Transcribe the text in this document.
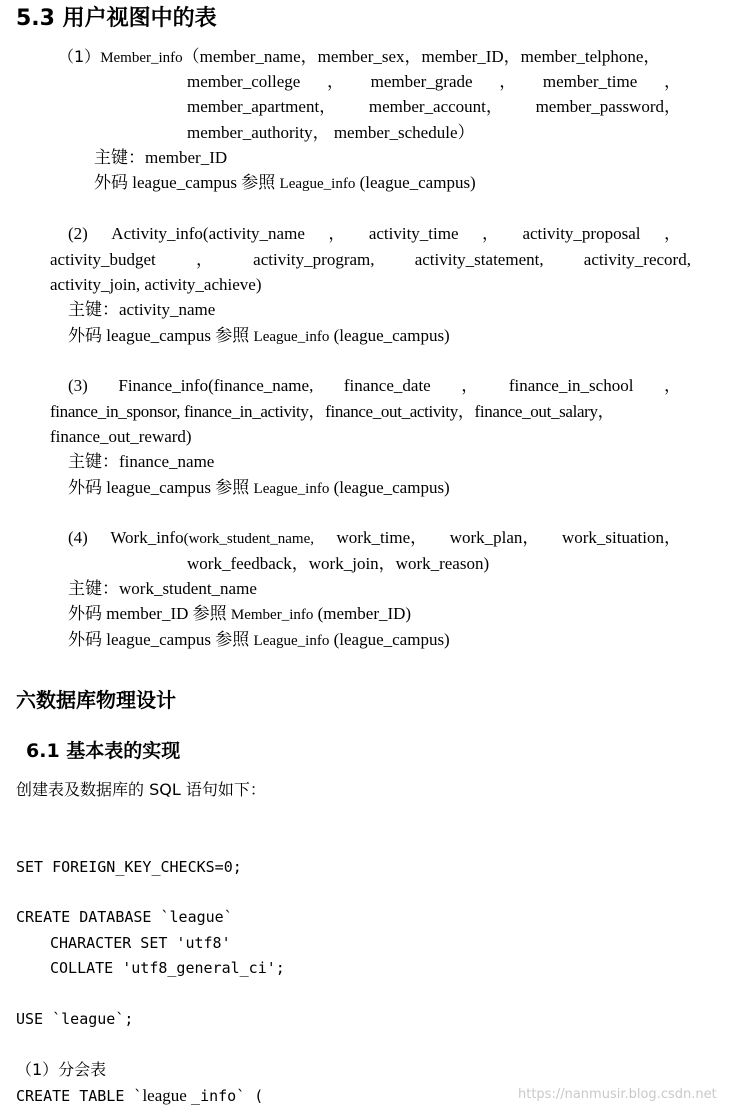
5.3 用户视图中的表
（1）Member_info（member_name，member_sex，member_ID，member_telphone，
member_college ， member_grade ， member_time ，
member_apartment， member_account， member_password，
member_authority， member_schedule）
主键：member_ID
外码 league_campus 参照 League_info (league_campus)
(2) Activity_info(activity_name ， activity_time ， activity_proposal ，
activity_budget ， activity_program, activity_statement, activity_record,
activity_join, activity_achieve)
主键：activity_name
外码 league_campus 参照 League_info (league_campus)
(3) Finance_info(finance_name, finance_date ， finance_in_school ，
finance_in_sponsor, finance_in_activity，finance_out_activity，finance_out_salary，
finance_out_reward)
主键：finance_name
外码 league_campus 参照 League_info (league_campus)
(4) Work_info(work_student_name, work_time， work_plan， work_situation，
work_feedback，work_join，work_reason)
主键：work_student_name
外码 member_ID 参照 Member_info (member_ID)
外码 league_campus 参照 League_info (league_campus)
六数据库物理设计
6.1 基本表的实现
创建表及数据库的 SQL 语句如下：
SET FOREIGN_KEY_CHECKS=0;
CREATE DATABASE `league`
CHARACTER SET 'utf8'
COLLATE 'utf8_general_ci';
USE `league`;
（1）分会表
CREATE TABLE `league _info` (	https://nanmusir.blog.csdn.net
